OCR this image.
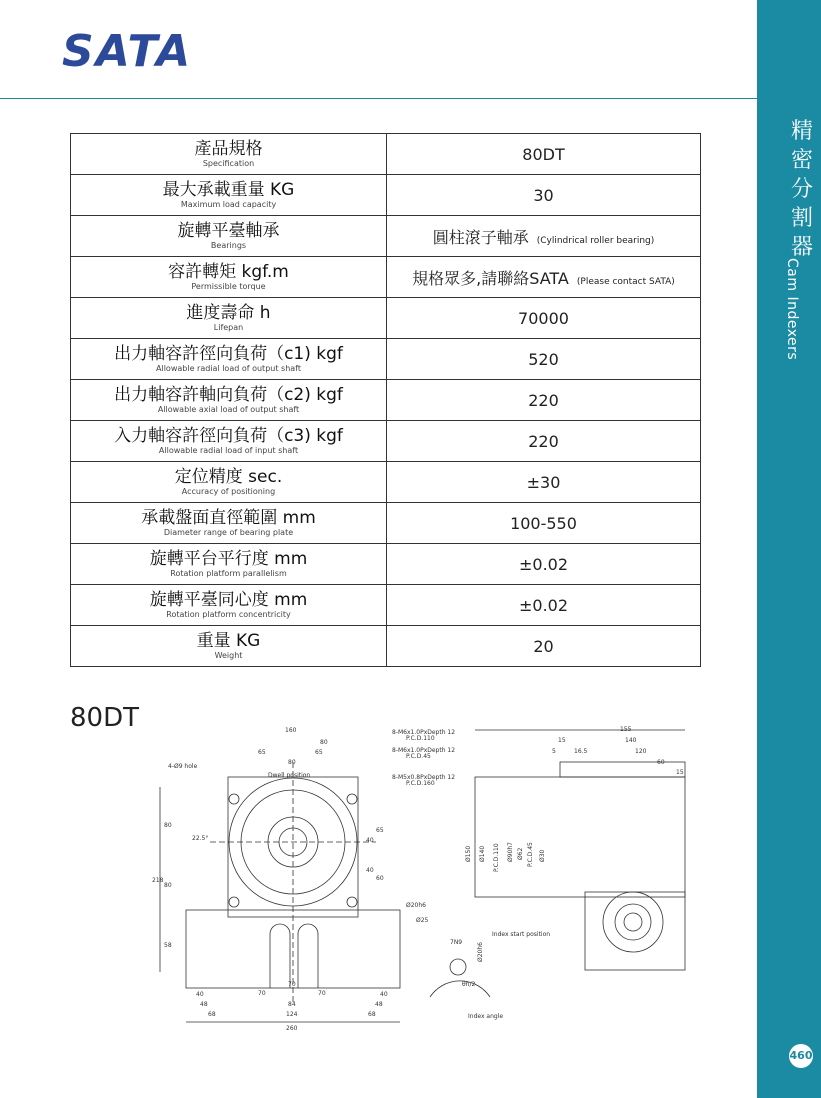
SATA
精
密
分
割
器
Cam Indexers
460
產品規格
Specification	80DT

最大承載重量 KG
Maximum load capacity	30

旋轉平臺軸承
Bearings	圓柱滾子軸承 (Cylindrical roller bearing)

容許轉矩 kgf.m
Permissible torque	規格眾多,請聯絡SATA (Please contact SATA)

進度壽命 h
Lifepan	70000

出力軸容許徑向負荷（c1) kgf
Allowable radial load of output shaft	520

出力軸容許軸向負荷（c2) kgf
Allowable axial load of output shaft	220

入力軸容許徑向負荷（c3) kgf
Allowable radial load of input shaft	220

定位精度 sec.
Accuracy of positioning	±30

承載盤面直徑範圍 mm
Diameter range of bearing plate	100-550

旋轉平台平行度 mm
Rotation platform parallelism	±0.02

旋轉平臺同心度 mm
Rotation platform concentricity	±0.02

重量 KG
Weight	20
80DT	160
80
65	65
80
4-Ø9 hole
Dwell position
8-M6x1.0PxDepth 12
P.C.D.110
8-M6x1.0PxDepth 12
P.C.D.45
8-M5x0.8PxDepth 12
P.C.D.160
80
218
80
58
22.5°
65
40
40
60
Ø20h6
Ø25
70
70	70
40	40
48	84	48
68	124	68
260
155
15	140
5	16.5	120
60
15
Ø150 Ø140 P.C.D.110 Ø90h7 Ø62 P.C.D.45 Ø30
Index start position
7N9 Ø20h6
θh/2
Index angle
